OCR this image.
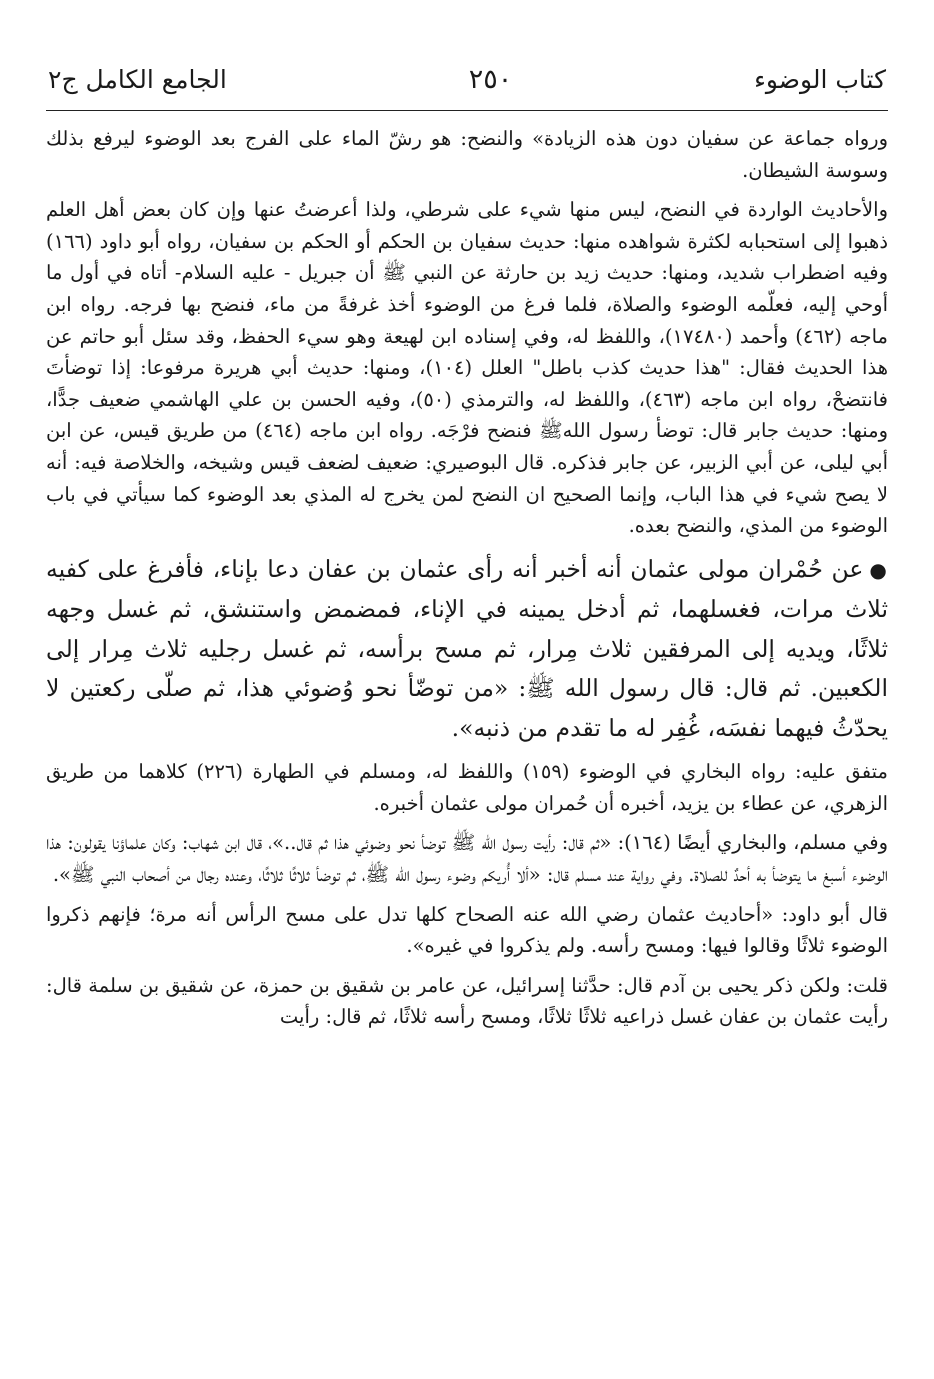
كتاب الوضوء
٢٥٠
الجامع الكامل ج٢

ورواه جماعة عن سفيان دون هذه الزيادة» والنضح: هو رشّ الماء على الفرج بعد الوضوء ليرفع بذلك وسوسة الشيطان.

والأحاديث الواردة في النضح، ليس منها شيء على شرطي، ولذا أعرضتُ عنها وإن كان بعض أهل العلم ذهبوا إلى استحبابه لكثرة شواهده منها: حديث سفيان بن الحكم أو الحكم بن سفيان، رواه أبو داود (١٦٦) وفيه اضطراب شديد، ومنها: حديث زيد بن حارثة عن النبي ﷺ أن جبريل - عليه السلام- أتاه في أول ما أوحي إليه، فعلّمه الوضوء والصلاة، فلما فرغ من الوضوء أخذ غرفةً من ماء، فنضح بها فرجه. رواه ابن ماجه (٤٦٢) وأحمد (١٧٤٨٠)، واللفظ له، وفي إسناده ابن لهيعة وهو سيء الحفظ، وقد سئل أبو حاتم عن هذا الحديث فقال: "هذا حديث كذب باطل" العلل (١٠٤)، ومنها: حديث أبي هريرة مرفوعا: إذا توضأتَ فانتضحْ، رواه ابن ماجه (٤٦٣)، واللفظ له، والترمذي (٥٠)، وفيه الحسن بن علي الهاشمي ضعيف جدًّا، ومنها: حديث جابر قال: توضأ رسول اللهﷺ فنضح فرْجَه. رواه ابن ماجه (٤٦٤) من طريق قيس، عن ابن أبي ليلى، عن أبي الزبير، عن جابر فذكره. قال البوصيري: ضعيف لضعف قيس وشيخه، والخلاصة فيه: أنه لا يصح شيء في هذا الباب، وإنما الصحيح ان النضح لمن يخرج له المذي بعد الوضوء كما سيأتي في باب الوضوء من المذي، والنضح بعده.

●عن حُمْران مولى عثمان أنه أخبر أنه رأى عثمان بن عفان دعا بإناء، فأفرغ على كفيه ثلاث مرات، فغسلهما، ثم أدخل يمينه في الإناء، فمضمض واستنشق، ثم غسل وجهه ثلاثًا، ويديه إلى المرفقين ثلاث مِرار، ثم مسح برأسه، ثم غسل رجليه ثلاث مِرار إلى الكعبين. ثم قال: قال رسول الله ﷺ: «من توضّأ نحو وُضوئي هذا، ثم صلّى ركعتين لا يحدّثُ فيهما نفسَه، غُفِر له ما تقدم من ذنبه».

متفق عليه: رواه البخاري في الوضوء (١٥٩) واللفظ له، ومسلم في الطهارة (٢٢٦) كلاهما من طريق الزهري، عن عطاء بن يزيد، أخبره أن حُمران مولى عثمان أخبره.

وفي مسلم، والبخاري أيضًا (١٦٤): «ثم قال: رأيت رسول الله ﷺ توضأ نحو وضوئي هذا ثم قال..»، قال ابن شهاب: وكان علماؤنا يقولون: هذا الوضوء أسبغ ما يتوضأ به أحدٌ للصلاة. وفي رواية عند مسلم قال: «ألا أُريكم وضوء رسول الله ﷺ، ثم توضأ ثلاثًا ثلاثًا، وعنده رجال من أصحاب النبي ﷺ».

قال أبو داود: «أحاديث عثمان رضي الله عنه الصحاح كلها تدل على مسح الرأس أنه مرة؛ فإنهم ذكروا الوضوء ثلاثًا وقالوا فيها: ومسح رأسه. ولم يذكروا في غيره».

قلت: ولكن ذكر يحيى بن آدم قال: حدَّثنا إسرائيل، عن عامر بن شقيق بن حمزة، عن شقيق بن سلمة قال: رأيت عثمان بن عفان غسل ذراعيه ثلاثًا ثلاثًا، ومسح رأسه ثلاثًا، ثم قال: رأيت
